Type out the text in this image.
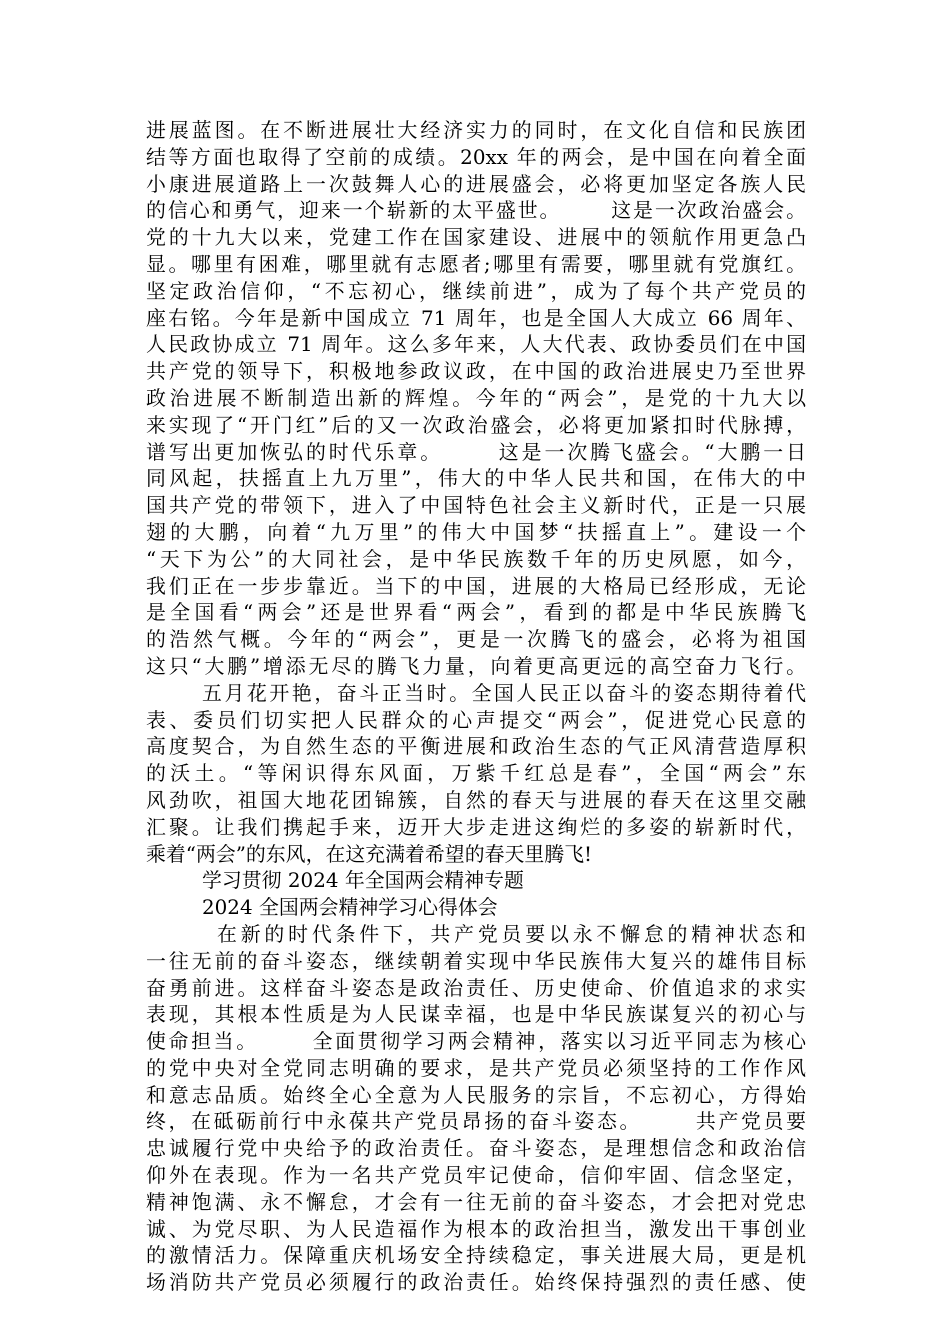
进展蓝图。在不断进展壮大经济实力的同时，在文化自信和民族团
结等方面也取得了空前的成绩。20xx 年的两会，是中国在向着全面
小康进展道路上一次鼓舞人心的进展盛会，必将更加坚定各族人民
的信心和勇气，迎来一个崭新的太平盛世。      这是一次政治盛会。
党的十九大以来，党建工作在国家建设、进展中的领航作用更急凸
显。哪里有困难，哪里就有志愿者;哪里有需要，哪里就有党旗红。
坚定政治信仰，“不忘初心，继续前进”，成为了每个共产党员的
座右铭。今年是新中国成立 71 周年，也是全国人大成立 66 周年、
人民政协成立 71 周年。这么多年来，人大代表、政协委员们在中国
共产党的领导下，积极地参政议政，在中国的政治进展史乃至世界
政治进展不断制造出新的辉煌。今年的“两会”，是党的十九大以
来实现了“开门红”后的又一次政治盛会，必将更加紧扣时代脉搏，
谱写出更加恢弘的时代乐章。      这是一次腾飞盛会。“大鹏一日
同风起，扶摇直上九万里”，伟大的中华人民共和国，在伟大的中
国共产党的带领下，进入了中国特色社会主义新时代，正是一只展
翅的大鹏，向着“九万里”的伟大中国梦“扶摇直上”。建设一个
“天下为公”的大同社会，是中华民族数千年的历史夙愿，如今，
我们正在一步步靠近。当下的中国，进展的大格局已经形成，无论
是全国看“两会”还是世界看“两会”，看到的都是中华民族腾飞
的浩然气概。今年的“两会”，更是一次腾飞的盛会，必将为祖国
这只“大鹏”增添无尽的腾飞力量，向着更高更远的高空奋力飞行。
五月花开艳，奋斗正当时。全国人民正以奋斗的姿态期待着代
表、委员们切实把人民群众的心声提交“两会”，促进党心民意的
高度契合，为自然生态的平衡进展和政治生态的气正风清营造厚积
的沃土。“等闲识得东风面，万紫千红总是春”，全国“两会”东
风劲吹，祖国大地花团锦簇，自然的春天与进展的春天在这里交融
汇聚。让我们携起手来，迈开大步走进这绚烂的多姿的崭新时代，
乘着“两会”的东风，在这充满着希望的春天里腾飞!
学习贯彻 2024 年全国两会精神专题
2024 全国两会精神学习心得体会
在新的时代条件下，共产党员要以永不懈怠的精神状态和
一往无前的奋斗姿态，继续朝着实现中华民族伟大复兴的雄伟目标
奋勇前进。这样奋斗姿态是政治责任、历史使命、价值追求的求实
表现，其根本性质是为人民谋幸福，也是中华民族谋复兴的初心与
使命担当。      全面贯彻学习两会精神，落实以习近平同志为核心
的党中央对全党同志明确的要求，是共产党员必须坚持的工作作风
和意志品质。始终全心全意为人民服务的宗旨，不忘初心，方得始
终，在砥砺前行中永葆共产党员昂扬的奋斗姿态。      共产党员要
忠诚履行党中央给予的政治责任。奋斗姿态，是理想信念和政治信
仰外在表现。作为一名共产党员牢记使命，信仰牢固、信念坚定，
精神饱满、永不懈怠，才会有一往无前的奋斗姿态，才会把对党忠
诚、为党尽职、为人民造福作为根本的政治担当，激发出干事创业
的激情活力。保障重庆机场安全持续稳定，事关进展大局，更是机
场消防共产党员必须履行的政治责任。始终保持强烈的责任感、使
